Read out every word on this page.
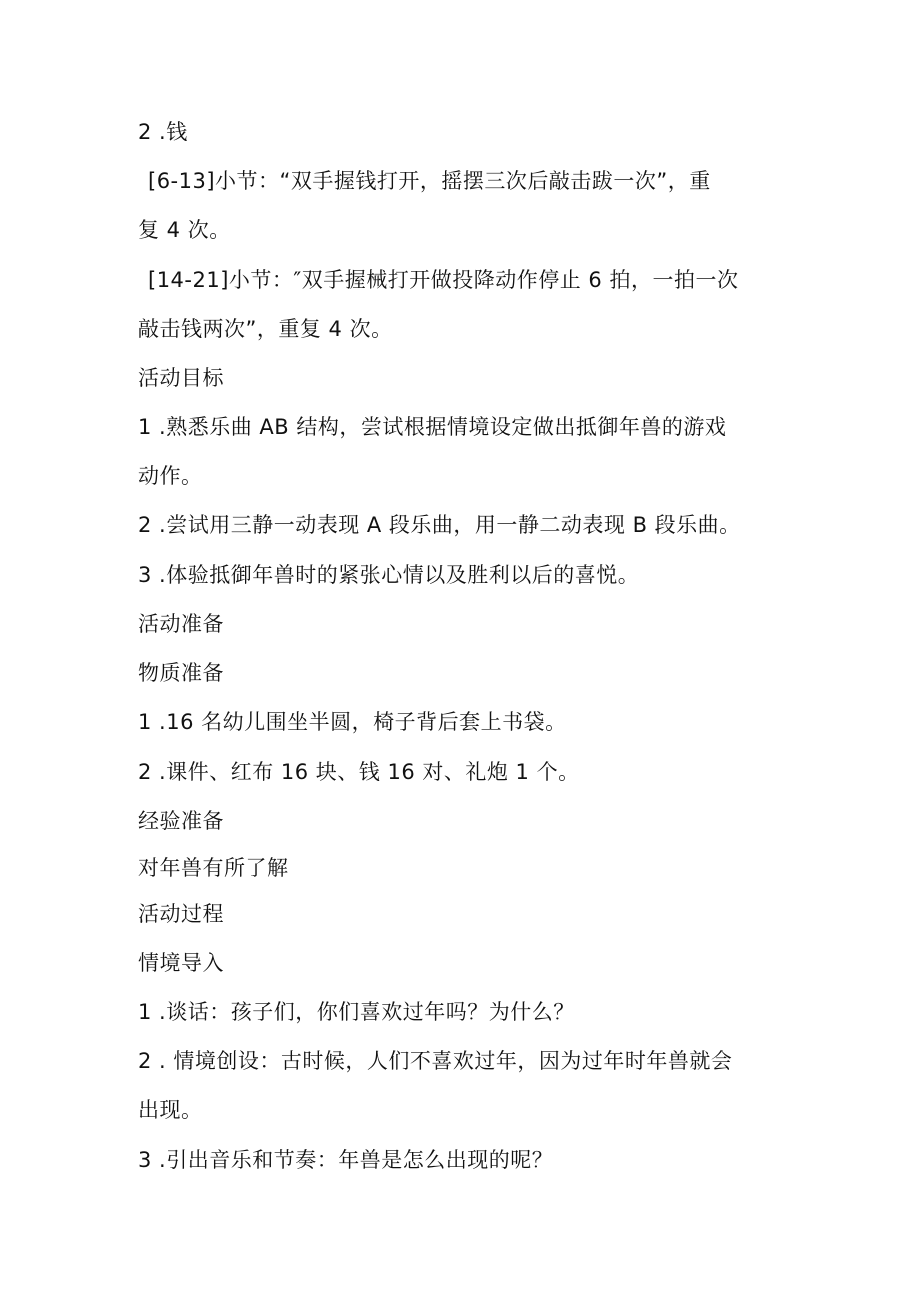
2 .钱
[6-13]小节：“双手握钱打开，摇摆三次后敲击跋一次”，重
复 4 次。
[14-21]小节：″双手握械打开做投降动作停止 6 拍，一拍一次
敲击钱两次”，重复 4 次。
活动目标
1 .熟悉乐曲 AB 结构，尝试根据情境设定做出抵御年兽的游戏
动作。
2 .尝试用三静一动表现 A 段乐曲，用一静二动表现 B 段乐曲。
3 .体验抵御年兽时的紧张心情以及胜利以后的喜悦。
活动准备
物质准备
1 .16 名幼儿围坐半圆，椅子背后套上书袋。
2 .课件、红布 16 块、钱 16 对、礼炮 1 个。
经验准备
对年兽有所了解
活动过程
情境导入
1 .谈话：孩子们，你们喜欢过年吗？为什么？
2 . 情境创设：古时候，人们不喜欢过年，因为过年时年兽就会
出现。
3 .引出音乐和节奏：年兽是怎么出现的呢？
